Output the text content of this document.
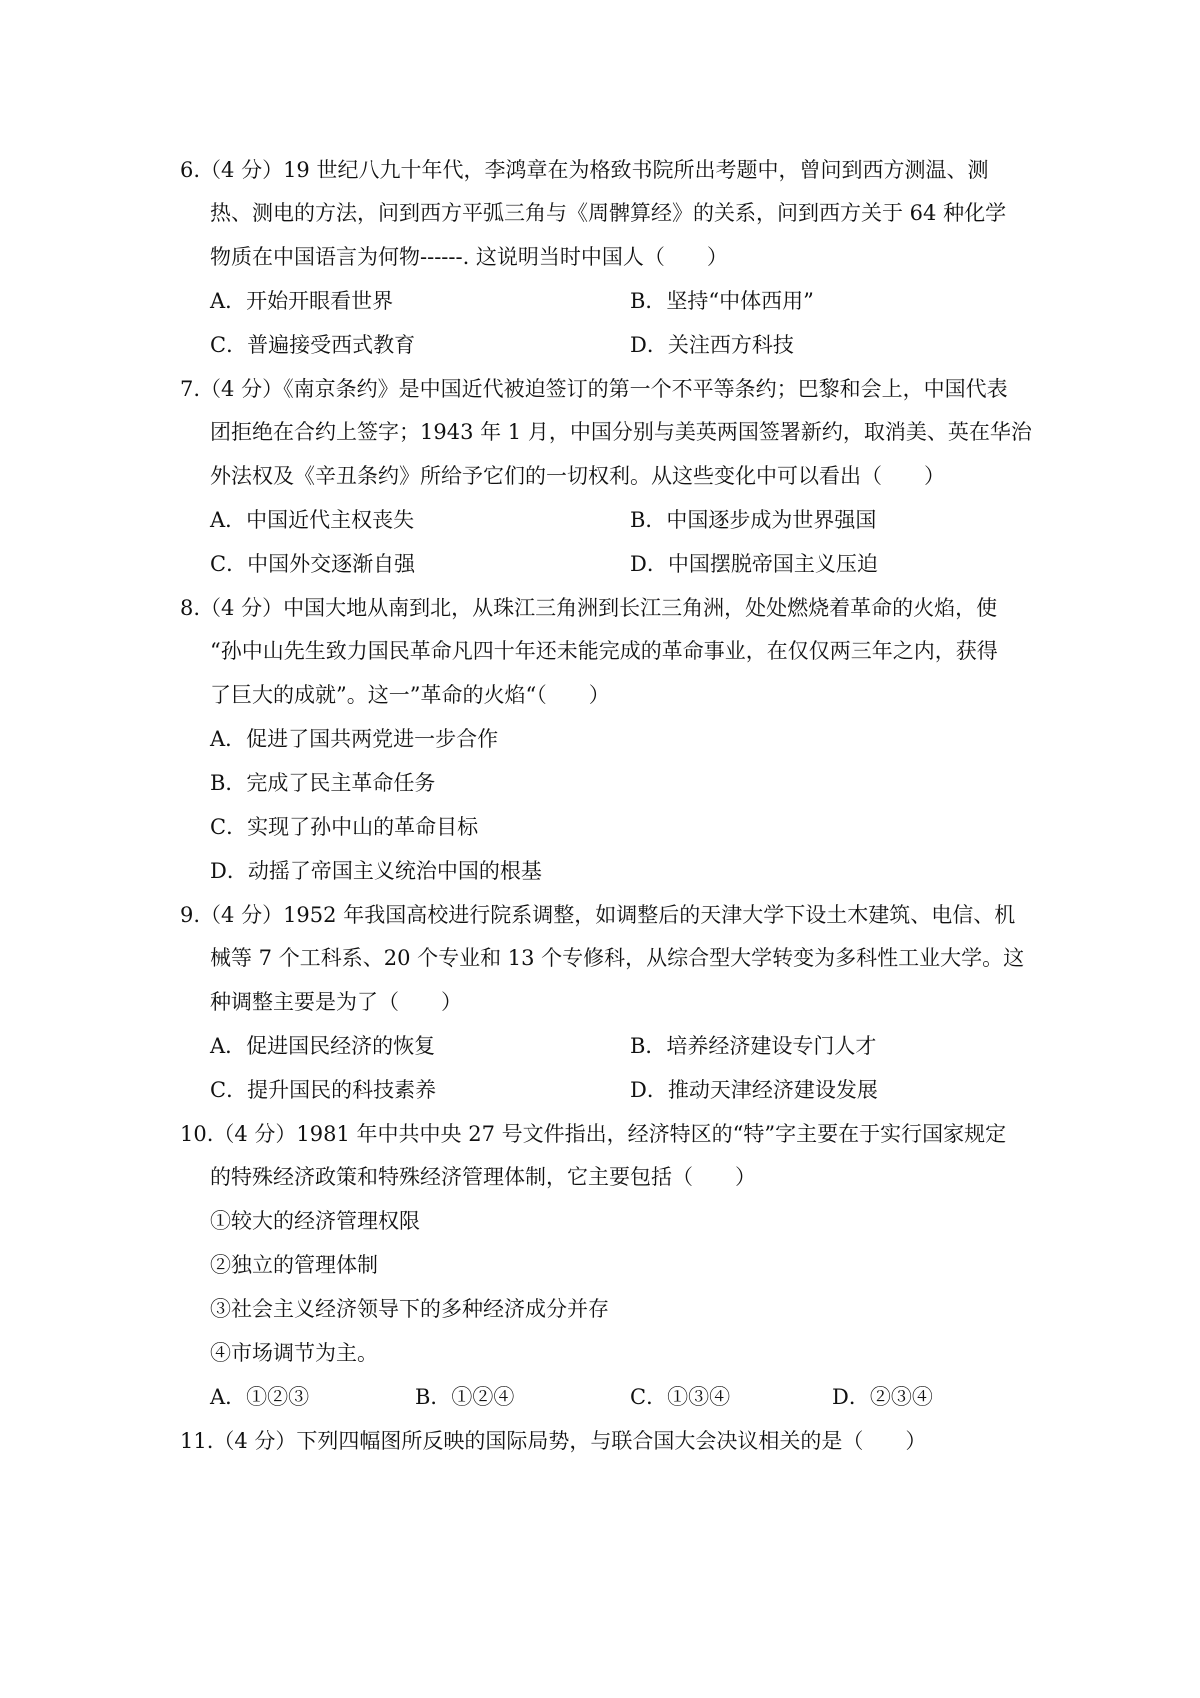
6.（4 分）19 世纪八九十年代，李鸿章在为格致书院所出考题中，曾问到西方测温、测
热、测电的方法，问到西方平弧三角与《周髀算经》的关系，问到西方关于 64 种化学
物质在中国语言为何物------. 这说明当时中国人（　　）
A．开始开眼看世界	B．坚持“中体西用”
C．普遍接受西式教育	D．关注西方科技
7.（4 分）《南京条约》是中国近代被迫签订的第一个不平等条约；巴黎和会上，中国代表
团拒绝在合约上签字；1943 年 1 月，中国分别与美英两国签署新约，取消美、英在华治
外法权及《辛丑条约》所给予它们的一切权利。从这些变化中可以看出（　　）
A．中国近代主权丧失	B．中国逐步成为世界强国
C．中国外交逐渐自强	D．中国摆脱帝国主义压迫
8.（4 分）中国大地从南到北，从珠江三角洲到长江三角洲，处处燃烧着革命的火焰，使
“孙中山先生致力国民革命凡四十年还未能完成的革命事业，在仅仅两三年之内，获得
了巨大的成就”。这一”革命的火焰“（　　）
A．促进了国共两党进一步合作
B．完成了民主革命任务
C．实现了孙中山的革命目标
D．动摇了帝国主义统治中国的根基
9.（4 分）1952 年我国高校进行院系调整，如调整后的天津大学下设土木建筑、电信、机
械等 7 个工科系、20 个专业和 13 个专修科，从综合型大学转变为多科性工业大学。这
种调整主要是为了（　　）
A．促进国民经济的恢复	B．培养经济建设专门人才
C．提升国民的科技素养	D．推动天津经济建设发展
10.（4 分）1981 年中共中央 27 号文件指出，经济特区的“特”字主要在于实行国家规定
的特殊经济政策和特殊经济管理体制，它主要包括（　　）
①较大的经济管理权限
②独立的管理体制
③社会主义经济领导下的多种经济成分并存
④市场调节为主。
A．①②③	B．①②④	C．①③④	D．②③④
11.（4 分）下列四幅图所反映的国际局势，与联合国大会决议相关的是（　　）
